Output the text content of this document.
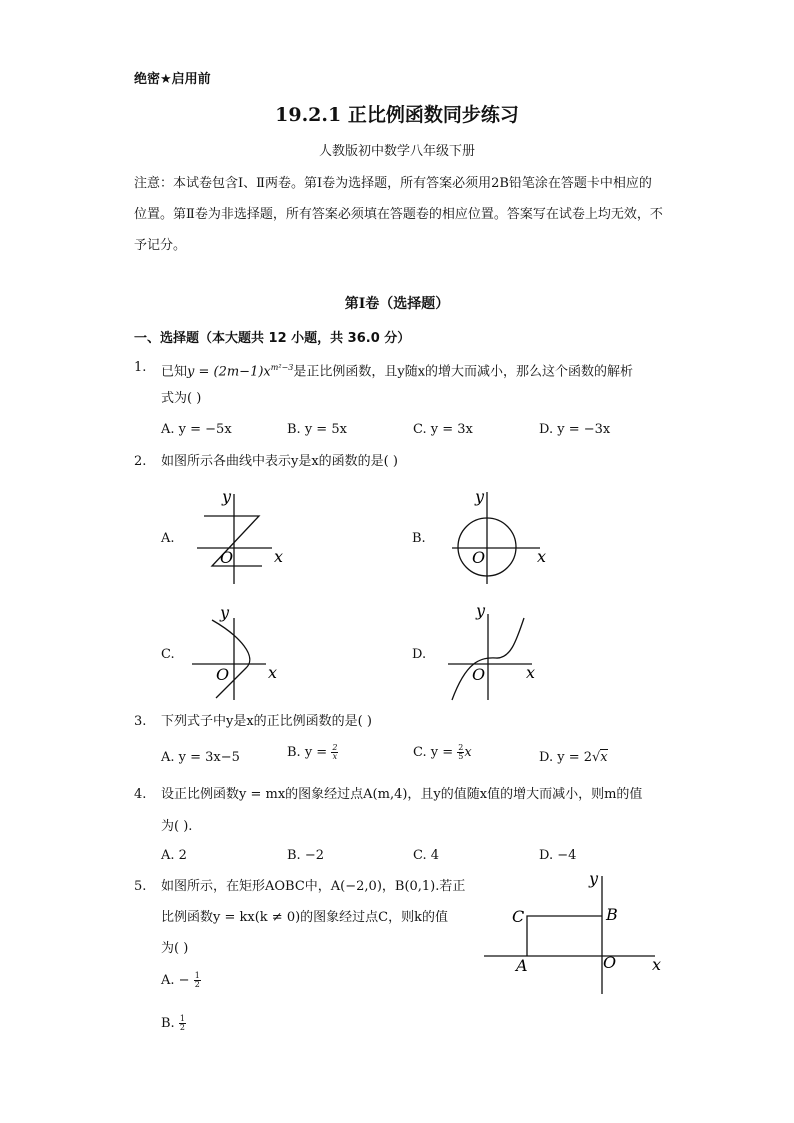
绝密★启用前
19.2.1 正比例函数同步练习
人教版初中数学八年级下册
注意：本试卷包含Ⅰ、Ⅱ两卷。第Ⅰ卷为选择题，所有答案必须用2B铅笔涂在答题卡中相应的位置。第Ⅱ卷为非选择题，所有答案必须填在答题卷的相应位置。答案写在试卷上均无效，不予记分。
第Ⅰ卷（选择题）
一、选择题（本大题共 12 小题，共 36.0 分）
1. 已知$y = (2m-1)x^{m^2-3}$是正比例函数，且y随x的增大而减小，那么这个函数的解析
式为( )
A. y = −5x	B. y = 5x	C. y = 3x	D. y = −3x
2. 如图所示各曲线中表示y是x的函数的是( )
A.	B.
C.	D.
y
x
O
y
x
O
y
x
O
y
x
O
3. 下列式子中y是x的正比例函数的是( )
A. y = 3x−5	B. $y = \frac{2}{x}$	C. $y = \frac{2}{5}$ x	D. y = 2√x
4. 设正比例函数y = mx的图象经过点A(m,4)，且y的值随x值的增大而减小，则m的值
为( ).
A. 2	B. −2	C. 4	D. −4
5. 如图所示，在矩形AOBC中，A(−2,0)，B(0,1).若正
比例函数y = kx(k ≠ 0)的图象经过点C，则k的值
为( )
A. − $\frac{1}{2}$
B. $\frac{1}{2}$
y
x
O
A
B
C
